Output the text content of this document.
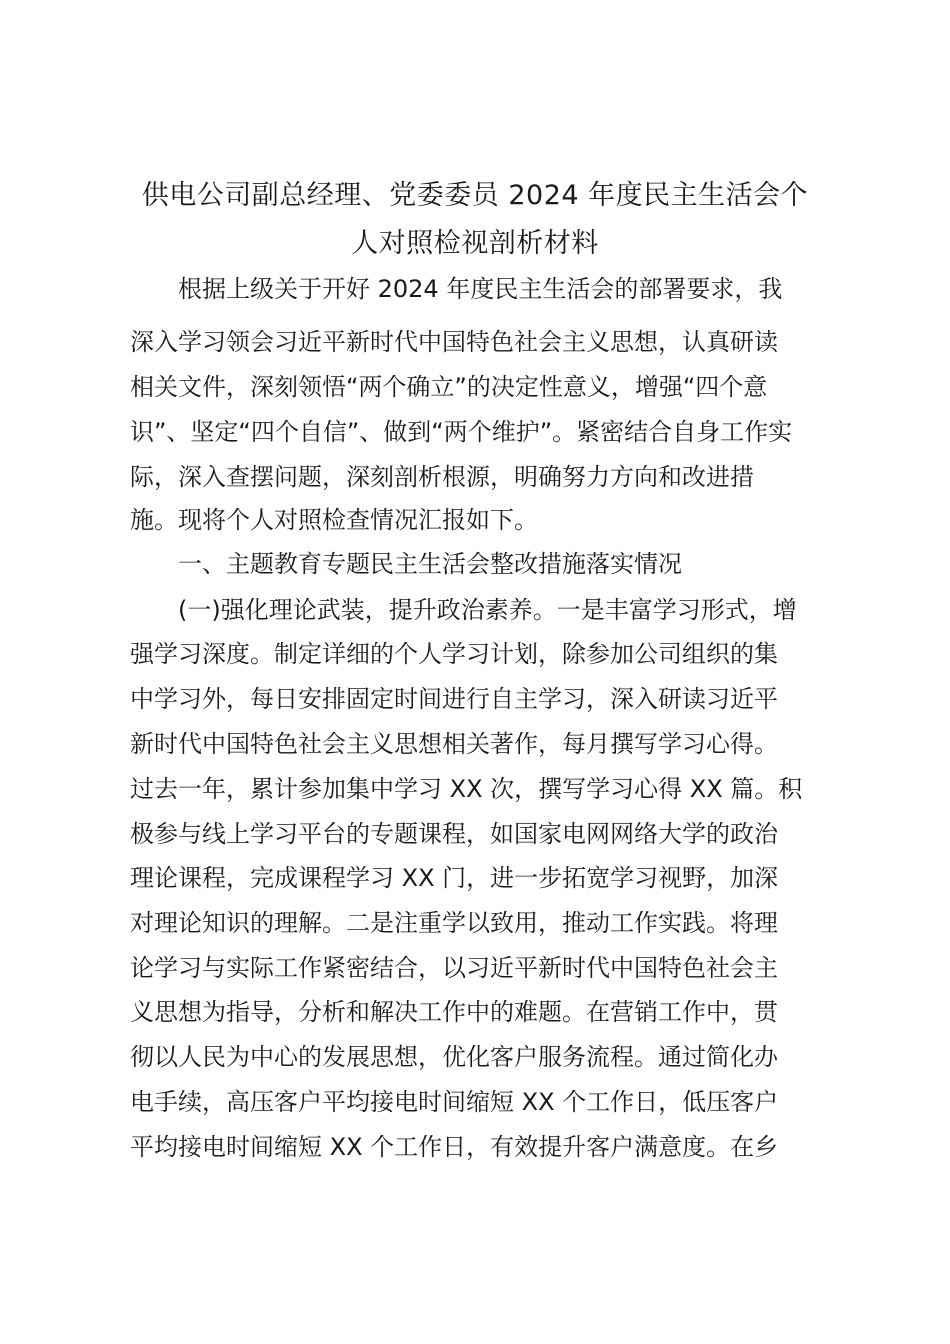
供电公司副总经理、党委委员 2024 年度民主生活会个
人对照检视剖析材料
　　根据上级关于开好 2024 年度民主生活会的部署要求，我
深入学习领会习近平新时代中国特色社会主义思想，认真研读
相关文件，深刻领悟“两个确立”的决定性意义，增强“四个意
识”、坚定“四个自信”、做到“两个维护”。紧密结合自身工作实
际，深入查摆问题，深刻剖析根源，明确努力方向和改进措
施。现将个人对照检查情况汇报如下。
　　一、主题教育专题民主生活会整改措施落实情况
　　(一)强化理论武装，提升政治素养。一是丰富学习形式，增
强学习深度。制定详细的个人学习计划，除参加公司组织的集
中学习外，每日安排固定时间进行自主学习，深入研读习近平
新时代中国特色社会主义思想相关著作，每月撰写学习心得。
过去一年，累计参加集中学习 XX 次，撰写学习心得 XX 篇。积
极参与线上学习平台的专题课程，如国家电网网络大学的政治
理论课程，完成课程学习 XX 门，进一步拓宽学习视野，加深
对理论知识的理解。二是注重学以致用，推动工作实践。将理
论学习与实际工作紧密结合，以习近平新时代中国特色社会主
义思想为指导，分析和解决工作中的难题。在营销工作中，贯
彻以人民为中心的发展思想，优化客户服务流程。通过简化办
电手续，高压客户平均接电时间缩短 XX 个工作日，低压客户
平均接电时间缩短 XX 个工作日，有效提升客户满意度。在乡
